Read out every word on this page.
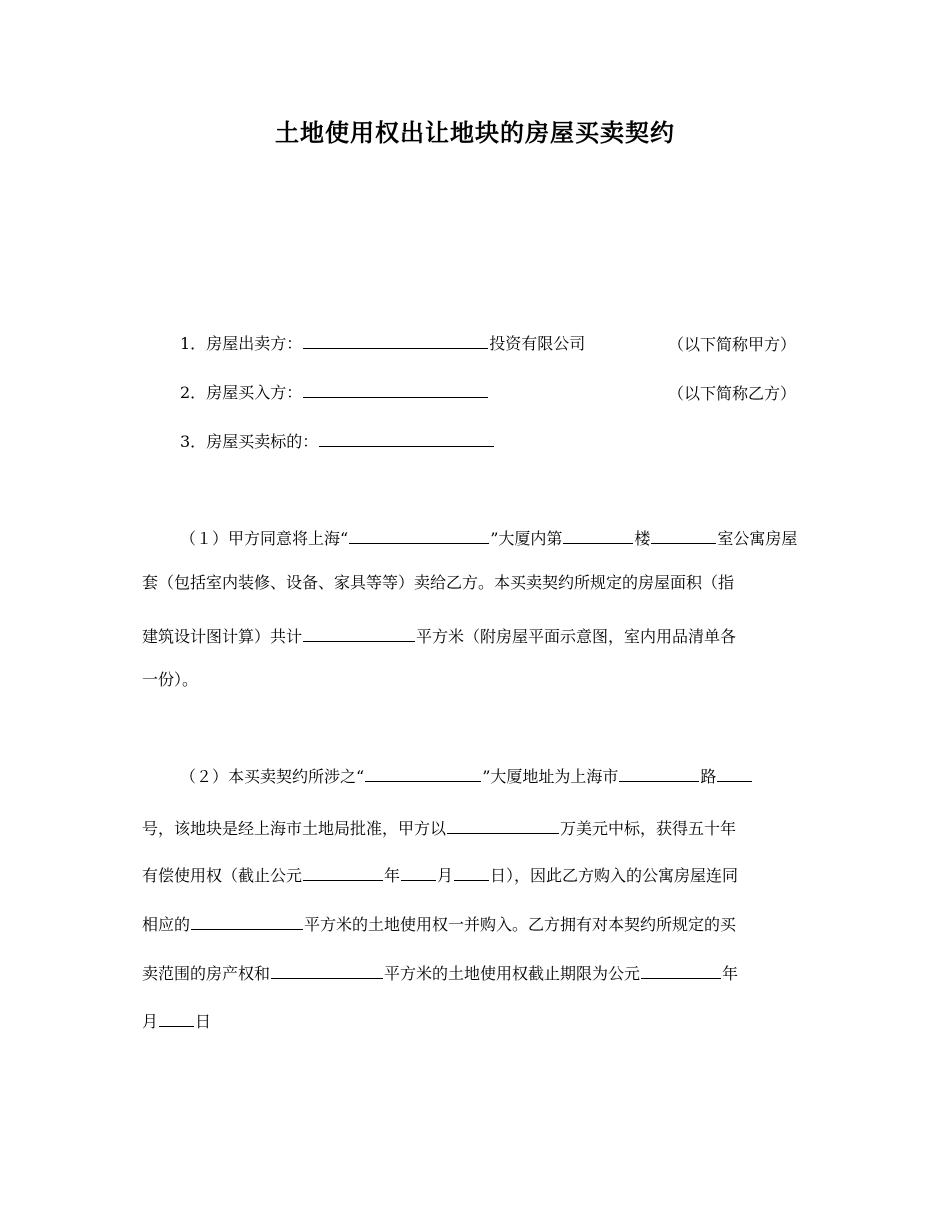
土地使用权出让地块的房屋买卖契约
1．房屋出卖方：	投资有限公司	（以下简称甲方）
2．房屋买入方：	（以下简称乙方）
3．房屋买卖标的：
（１）甲方同意将上海“	”大厦内第	楼	室公寓房屋
套（包括室内装修、设备、家具等等）卖给乙方。本买卖契约所规定的房屋面积（指
建筑设计图计算）共计	平方米（附房屋平面示意图，室内用品清单各
一份）。
（２）本买卖契约所涉之“	”大厦地址为上海市	路
号，该地块是经上海市土地局批准，甲方以	万美元中标，获得五十年
有偿使用权（截止公元	年 月 日），因此乙方购入的公寓房屋连同
相应的	平方米的土地使用权一并购入。乙方拥有对本契约所规定的买
卖范围的房产权和	平方米的土地使用权截止期限为公元	年
月 日
